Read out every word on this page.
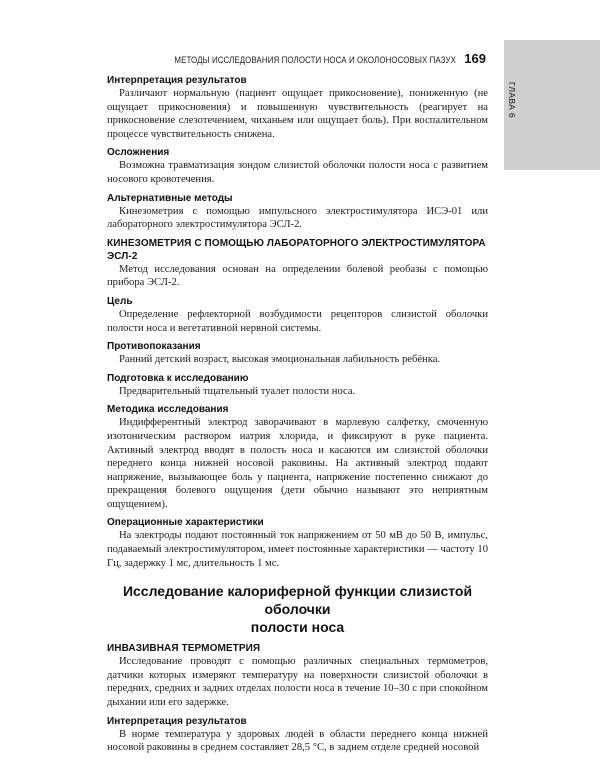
ГЛАВА 6
МЕТОДЫ ИССЛЕДОВАНИЯ ПОЛОСТИ НОСА И ОКОЛОНОСОВЫХ ПАЗУХ 169
Интерпретация результатов

Различают нормальную (пациент ощущает прикосновение), пониженную (не ощущает прикосновения) и повышенную чувствительность (реагирует на прикосновение слезотечением, чиханьем или ощущает боль). При воспалительном процессе чувствительность снижена.

Осложнения

Возможна травматизация зондом слизистой оболочки полости носа с развитием носового кровотечения.

Альтернативные методы

Кинезометрия с помощью импульсного электростимулятора ИСЭ-01 или лабораторного электростимулятора ЭСЛ-2.

КИНЕЗОМЕТРИЯ С ПОМОЩЬЮ ЛАБОРАТОРНОГО ЭЛЕКТРОСТИМУЛЯТОРА ЭСЛ-2

Метод исследования основан на определении болевой реобазы с помощью прибора ЭСЛ-2.

Цель

Определение рефлекторной возбудимости рецепторов слизистой оболочки полости носа и вегетативной нервной системы.

Противопоказания

Ранний детский возраст, высокая эмоциональная лабильность ребёнка.

Подготовка к исследованию

Предварительный тщательный туалет полости носа.

Методика исследования

Индифферентный электрод заворачивают в марлевую салфетку, смоченную изотоническим раствором натрия хлорида, и фиксируют в руке пациента. Активный электрод вводят в полость носа и касаются им слизистой оболочки переднего конца нижней носовой раковины. На активный электрод подают напряжение, вызывающее боль у пациента, напряжение постепенно снижают до прекращения болевого ощущения (дети обычно называют это неприятным ощущением).

Операционные характеристики

На электроды подают постоянный ток напряжением от 50 мВ до 50 В, импульс, подаваемый электростимулятором, имеет постоянные характеристики — частоту 10 Гц, задержку 1 мс, длительность 1 мс.

Исследование калориферной функции слизистой оболочки
полости носа
ИНВАЗИВНАЯ ТЕРМОМЕТРИЯ

Исследование проводят с помощью различных специальных термометров, датчики которых измеряют температуру на поверхности слизистой оболочки в передних, средних и задних отделах полости носа в течение 10–30 с при спокойном дыхании или его задержке.

Интерпретация результатов

В норме температура у здоровых людей в области переднего конца нижней носовой раковины в среднем составляет 28,5 °С, в заднем отделе средней носовой
